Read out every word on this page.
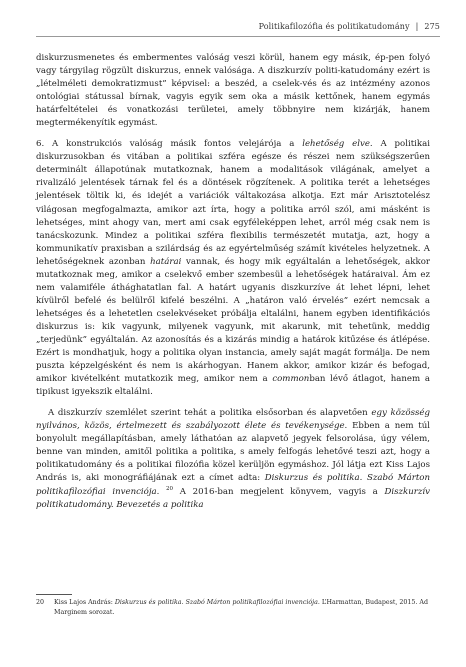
Politikafilozófia és politikatudomány | 275

diskurzusmenetes és embermentes valóság veszi körül, hanem egy másik, ép-pen folyó vagy tárgyilag rögzült diskurzus, ennek valósága. A diszkurzív politi-katudomány ezért is „lételméleti demokratizmust” képvisel: a beszéd, a cselek-vés és az intézmény azonos ontológiai státussal bírnak, vagyis egyik sem oka a másik kettőnek, hanem egymás határfeltételei és vonatkozási területei, amely többnyire nem kizárják, hanem megtermékenyítik egymást.

6. A konstrukciós valóság másik fontos velejárója a lehetőség elve. A politikai diskurzusokban és vitában a politikai szféra egésze és részei nem szükségszerűen determinált állapotúnak mutatkoznak, hanem a modalitások világának, amelyet a rivalizáló jelentések tárnak fel és a döntések rögzítenek. A politika terét a lehetséges jelentések töltik ki, és idejét a variációk váltakozása alkotja. Ezt már Arisztotelész világosan megfogalmazta, amikor azt írta, hogy a politika arról szól, ami másként is lehetséges, mint ahogy van, mert ami csak egyféleképpen lehet, arról még csak nem is tanácskozunk. Mindez a politikai szféra flexibilis természetét mutatja, azt, hogy a kommunikatív praxisban a szilárdság és az egyértelműség számít kivételes helyzetnek. A lehetőségeknek azonban határai vannak, és hogy mik egyáltalán a lehetőségek, akkor mutatkoznak meg, amikor a cselekvő ember szembesül a lehetőségek határaival. Ám ez nem valamiféle áthághatatlan fal. A határt ugyanis diszkurzíve át lehet lépni, lehet kívülről befelé és belülről kifelé beszélni. A „határon való érvelés” ezért nemcsak a lehetséges és a lehetetlen cselekvéseket próbálja eltalálni, hanem egyben identifikációs diskurzus is: kik vagyunk, milyenek vagyunk, mit akarunk, mit tehetünk, meddig „terjedünk” egyáltalán. Az azonosítás és a kizárás mindig a határok kitűzése és átlépése. Ezért is mondhatjuk, hogy a politika olyan instancia, amely saját magát formálja. De nem puszta képzelgésként és nem is akárhogyan. Hanem akkor, amikor kizár és befogad, amikor kivételként mutatkozik meg, amikor nem a commonban lévő átlagot, hanem a tipikust igyekszik eltalálni.

A diszkurzív szemlélet szerint tehát a politika elsősorban és alapvetően egy közösség nyilvános, közös, értelmezett és szabályozott élete és tevékenysége. Ebben a nem túl bonyolult megállapításban, amely láthatóan az alapvető jegyek felsorolása, úgy vélem, benne van minden, amitől politika a politika, s amely felfogás lehetővé teszi azt, hogy a politikatudomány és a politikai filozófia közel kerüljön egymáshoz. Jól látja ezt Kiss Lajos András is, aki monográfiájának ezt a címet adta: Diskurzus és politika. Szabó Márton politikafilozófiai invenciója. $^{20}$ A 2016-ban megjelent könyvem, vagyis a Diszkurzív politikatudomány. Bevezetés a politika

20 Kiss Lajos András: Diskurzus és politika. Szabó Márton politikafilozófiai invenciója. L’Harmattan, Budapest, 2015. Ad Marginem sorozat.
